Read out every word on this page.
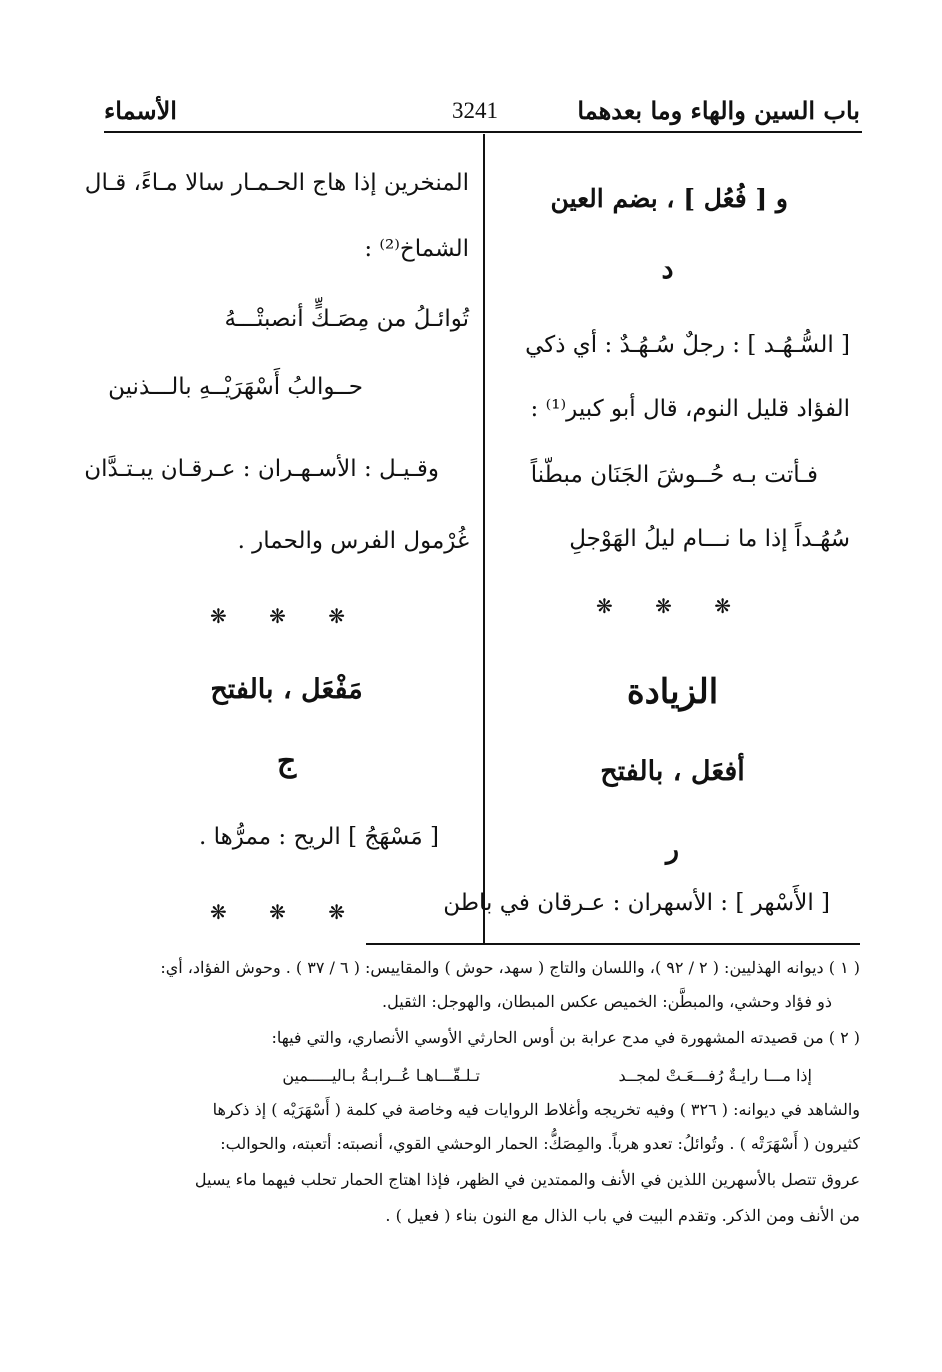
باب السين والهاء وما بعدهما
3241
الأسماء
و [ فُعُل ] ، بضم العين
د
[ السُّـهُـد ] : رجلٌ سُـهُـدٌ : أي ذكي
الفؤاد قليل النوم، قال أبو كبير⁽¹⁾ :
فـأتت بـه حُــوشَ الجَنَان مبطّناً
سُهُـداً إذا ما نـــام ليلُ الهَوْجلِ
❋ ❋ ❋
الزيادة
أفعَل ، بالفتح
ر
[ الأَسْهر ] : الأسهران : عـرقان في باطن
المنخرين إذا هاج الحـمـار سالا مـاءً، قـال
الشماخ⁽²⁾ :
تُوائـلُ من مِصَـكٍّ أنصبتْـــهُ
حــوالبُ أَسْهَرَيْــهِ بالـــذنين
وقـيـل : الأسـهـران : عـرقـان يبـتـدَّان
غُرْمول الفرس والحمار .
❋ ❋ ❋
مَفْعَل ، بالفتح
ج
[ مَسْهَجُ ] الريح : ممرُّها .
❋ ❋ ❋
( ١ ) ديوانه الهذليين: ( ٢ / ٩٢ )، واللسان والتاج ( سهد، حوش ) والمقاييس: ( ٦ / ٣٧ ) . وحوش الفؤاد، أي:
ذو فؤاد وحشي، والمبطَّن: الخميص عكس المبطان، والهوجل: الثقيل.
( ٢ ) من قصيدته المشهورة في مدح عرابة بن أوس الحارثي الأوسي الأنصاري، والتي فيها:
إذا مـــا رايـةٌ رُفـــعَـتْ لمجــد
تـلـقّـــاهـا عُــرابـةُ بـاليـــــمين
والشاهد في ديوانه: ( ٣٢٦ ) وفيه تخريجه وأغلاط الروايات فيه وخاصة في كلمة ( أَسْهَرَيْه ) إذ ذكرها
كثيرون ( أَسْهَرَتْه ) . وتُوائلُ: تعدو هرباً. والمِصَكُّ: الحمار الوحشي القوي، أنصبته: أتعبته، والحوالب:
عروق تتصل بالأسهرين اللذين في الأنف والممتدين في الظهر، فإذا اهتاج الحمار تحلب فيهما ماء يسيل
من الأنف ومن الذكر. وتقدم البيت في باب الذال مع النون بناء ( فعيل ) .
